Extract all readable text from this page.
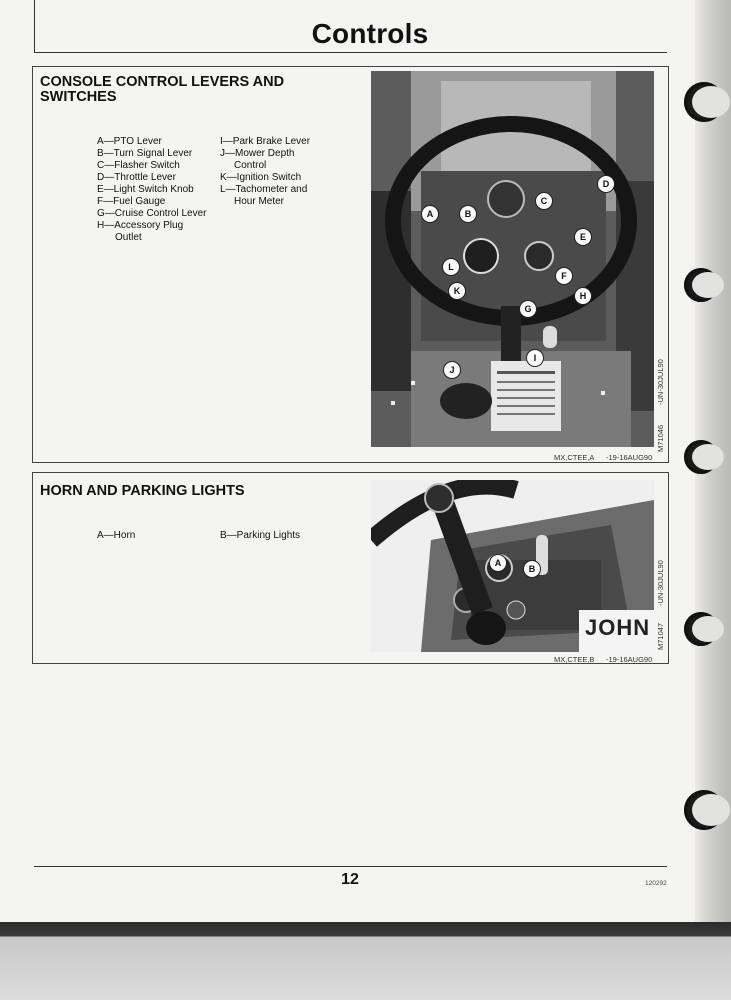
Controls
CONSOLE CONTROL LEVERS AND
SWITCHES
A—PTO Lever
B—Turn Signal Lever
C—Flasher Switch
D—Throttle Lever
E—Light Switch Knob
F—Fuel Gauge
G—Cruise Control Lever
H—Accessory Plug
Outlet
I—Park Brake Lever
J—Mower Depth
Control
K—Ignition Switch
L—Tachometer and
Hour Meter
A	B
C
D
E
F
G
H
I
J
K
L
M71046
-UN-30JUL90
MX,CTEE,A -19-16AUG90
HORN AND PARKING LIGHTS
A—Horn	B—Parking Lights
JOHN
A
B
M71047
-UN-30JUL90
MX,CTEE,B -19-16AUG90
12	120292
